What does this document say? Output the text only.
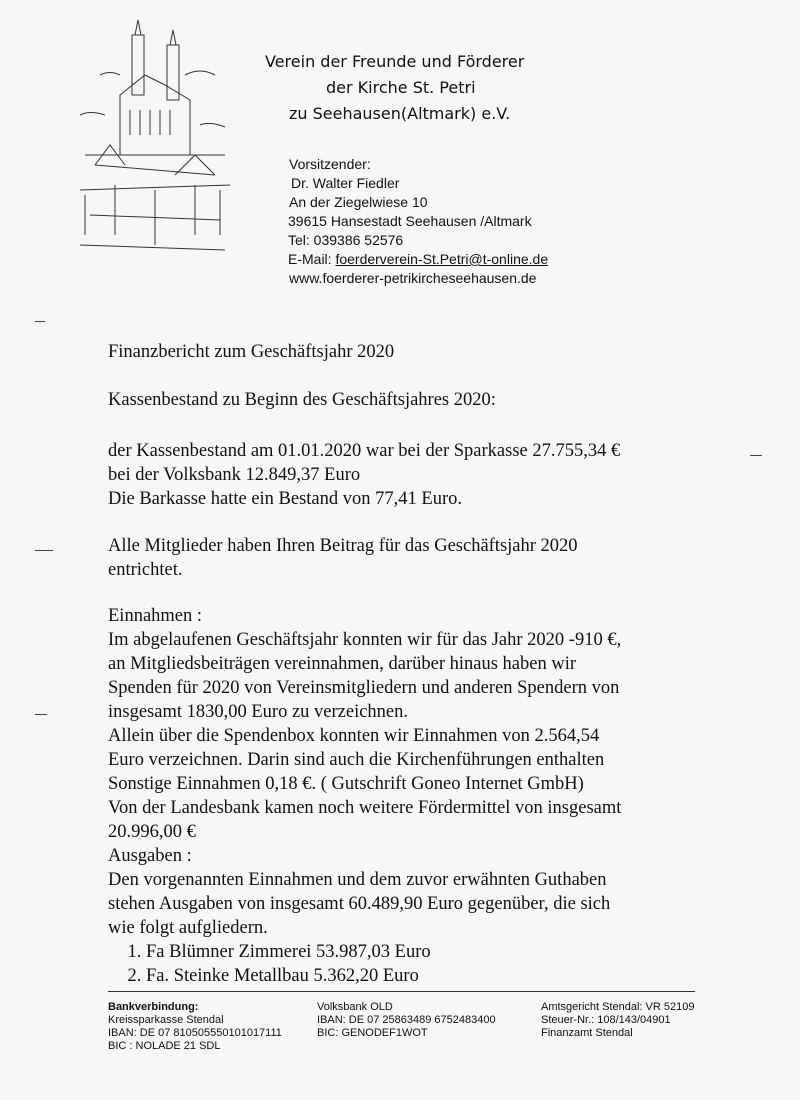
Verein der Freunde und Förderer
der Kirche St. Petri
zu Seehausen(Altmark) e.V.
Vorsitzender:
Dr. Walter Fiedler
An der Ziegelwiese 10
39615 Hansestadt Seehausen /Altmark
Tel: 039386 52576
E-Mail: foerderverein-St.Petri@t-online.de
www.foerderer-petrikircheseehausen.de
Finanzbericht zum Geschäftsjahr 2020
Kassenbestand zu Beginn des Geschäftsjahres 2020:
der Kassenbestand am 01.01.2020 war bei der Sparkasse 27.755,34 €
bei der Volksbank 12.849,37 Euro
Die Barkasse hatte ein Bestand von 77,41 Euro.
Alle Mitglieder haben Ihren Beitrag für das Geschäftsjahr 2020
entrichtet.
Einnahmen :
Im abgelaufenen Geschäftsjahr konnten wir für das Jahr 2020 -910 €,
an Mitgliedsbeiträgen vereinnahmen, darüber hinaus haben wir
Spenden für 2020 von Vereinsmitgliedern und anderen Spendern von
insgesamt 1830,00 Euro zu verzeichnen.
Allein über die Spendenbox konnten wir Einnahmen von 2.564,54
Euro verzeichnen. Darin sind auch die Kirchenführungen enthalten
Sonstige Einnahmen 0,18 €. ( Gutschrift Goneo Internet GmbH)
Von der Landesbank kamen noch weitere Fördermittel von insgesamt
20.996,00 €
Ausgaben :
Den vorgenannten Einnahmen und dem zuvor erwähnten Guthaben
stehen Ausgaben von insgesamt 60.489,90 Euro gegenüber, die sich
wie folgt aufgliedern.
1. Fa Blümner Zimmerei 53.987,03 Euro
2. Fa. Steinke Metallbau 5.362,20 Euro
Bankverbindung:
Kreissparkasse Stendal
IBAN: DE 07 810505550101017111
BIC : NOLADE 21 SDL
Volksbank OLD
IBAN: DE 07 25863489 6752483400
BIC: GENODEF1WOT
Amtsgericht Stendal: VR 52109
Steuer-Nr.: 108/143/04901
Finanzamt Stendal
